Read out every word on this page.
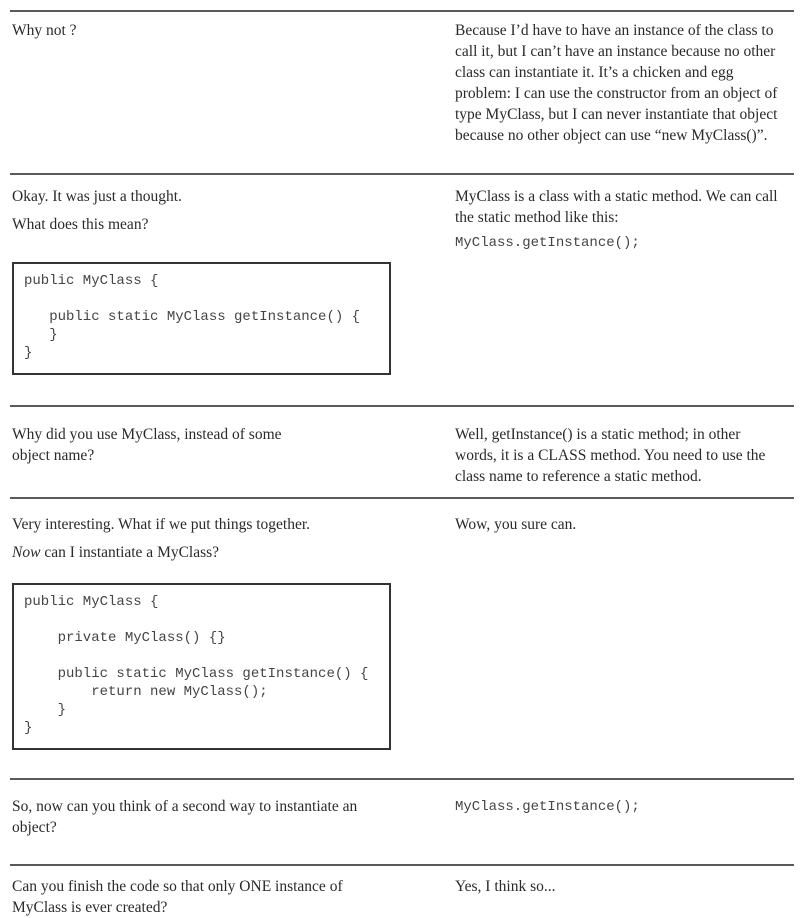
Why not ?	Because I’d have to have an instance of the class to call it, but I can’t have an instance because no other class can instantiate it. It’s a chicken and egg problem: I can use the constructor from an object of type MyClass, but I can never instantiate that object because no other object can use “new MyClass()”.

Okay. It was just a thought.

What does this mean?

public MyClass {
public static MyClass getInstance() {
}
}

MyClass is a class with a static method. We can call the static method like this:

MyClass.getInstance();

Why did you use MyClass, instead of some object name?

Well, getInstance() is a static method; in other words, it is a CLASS method. You need to use the class name to reference a static method.

Very interesting. What if we put things together.

Now can I instantiate a MyClass?

public MyClass {
private MyClass() {}
public static MyClass getInstance() {
return new MyClass();
}
}

Wow, you sure can.

So, now can you think of a second way to instantiate an object?

MyClass.getInstance();

Can you finish the code so that only ONE instance of MyClass is ever created?

Yes, I think so...
